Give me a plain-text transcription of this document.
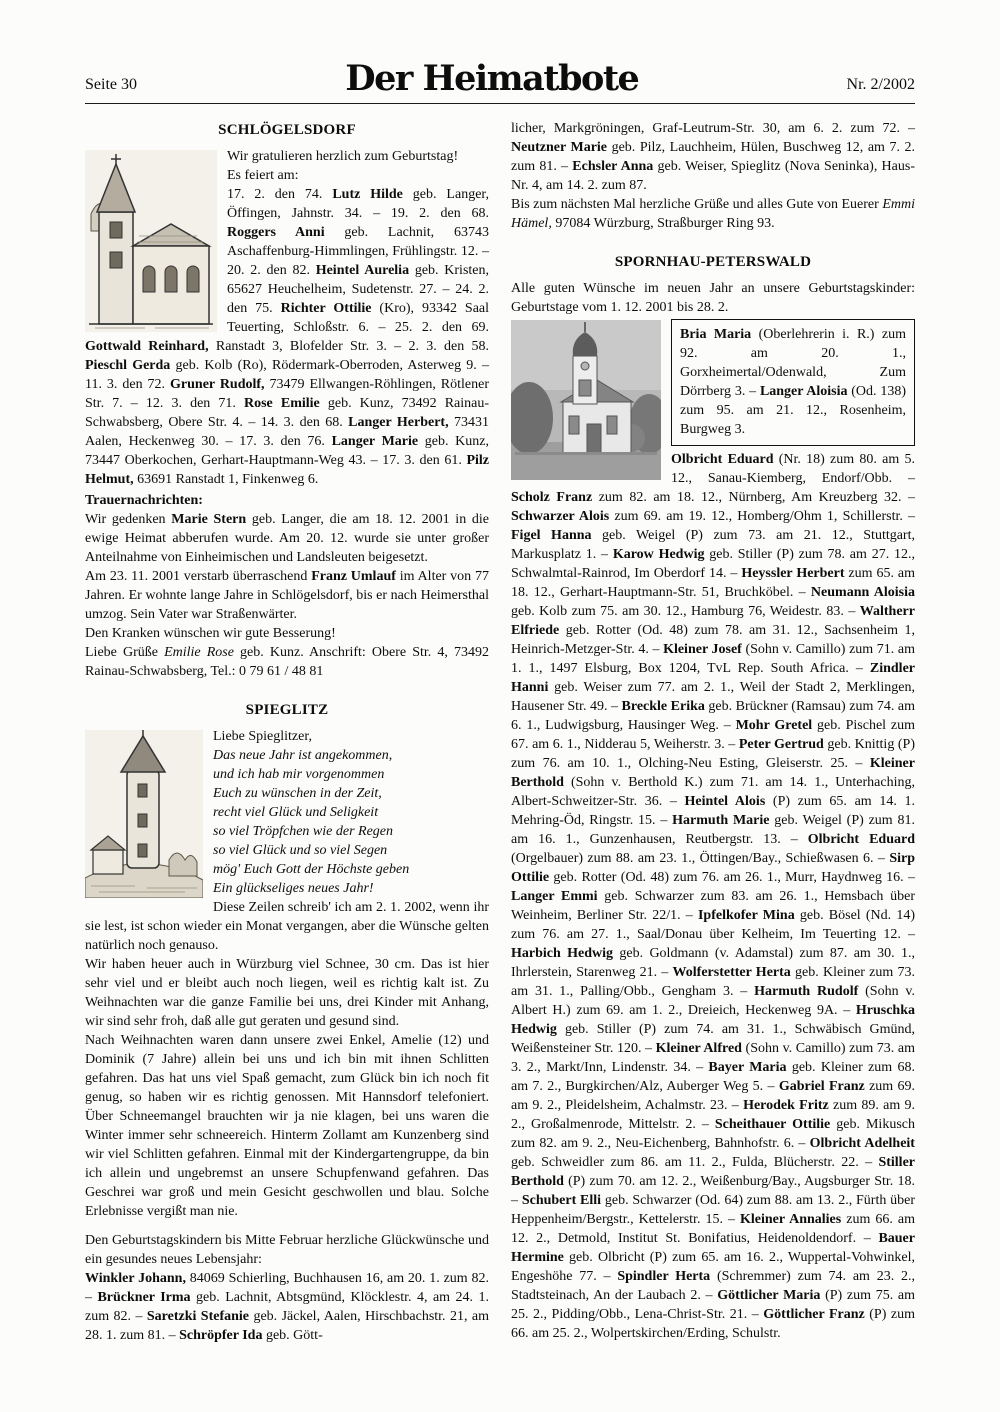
Seite 30	Der Heimatbote	Nr. 2/2002
SCHLÖGELSDORF

Wir gratulieren herzlich zum Geburtstag!

Es feiert am:

17. 2. den 74. Lutz Hilde geb. Langer, Öffingen, Jahnstr. 34. – 19. 2. den 68. Roggers Anni geb. Lachnit, 63743 Aschaffenburg-Himmlingen, Frühlingstr. 12. – 20. 2. den 82. Heintel Aurelia geb. Kristen, 65627 Heuchelheim, Sudetenstr. 27. – 24. 2. den 75. Richter Ottilie (Kro), 93342 Saal Teuerting, Schloßstr. 6. – 25. 2. den 69. Gottwald Reinhard, Ranstadt 3, Blofelder Str. 3. – 2. 3. den 58. Pieschl Gerda geb. Kolb (Ro), Rödermark-Oberroden, Asterweg 9. – 11. 3. den 72. Gruner Rudolf, 73479 Ellwangen-Röhlingen, Rötlener Str. 7. – 12. 3. den 71. Rose Emilie geb. Kunz, 73492 Rainau-Schwabsberg, Obere Str. 4. – 14. 3. den 68. Langer Herbert, 73431 Aalen, Heckenweg 30. – 17. 3. den 76. Langer Marie geb. Kunz, 73447 Oberkochen, Gerhart-Hauptmann-Weg 43. – 17. 3. den 61. Pilz Helmut, 63691 Ranstadt 1, Finkenweg 6.

Trauernachrichten:

Wir gedenken Marie Stern geb. Langer, die am 18. 12. 2001 in die ewige Heimat abberufen wurde. Am 20. 12. wurde sie unter großer Anteilnahme von Einheimischen und Landsleuten beigesetzt.

Am 23. 11. 2001 verstarb überraschend Franz Umlauf im Alter von 77 Jahren. Er wohnte lange Jahre in Schlögelsdorf, bis er nach Heimersthal umzog. Sein Vater war Straßenwärter.

Den Kranken wünschen wir gute Besserung!

Liebe Grüße Emilie Rose geb. Kunz. Anschrift: Obere Str. 4, 73492 Rainau-Schwabsberg, Tel.: 0 79 61 / 48 81

SPIEGLITZ
Liebe Spieglitzer,
Das neue Jahr ist angekommen,
und ich hab mir vorgenommen
Euch zu wünschen in der Zeit,
recht viel Glück und Seligkeit
so viel Tröpfchen wie der Regen
so viel Glück und so viel Segen
mög' Euch Gott der Höchste geben
Ein glückseliges neues Jahr!

Diese Zeilen schreib' ich am 2. 1. 2002, wenn ihr sie lest, ist schon wieder ein Monat vergangen, aber die Wünsche gelten natürlich noch genauso.

Wir haben heuer auch in Würzburg viel Schnee, 30 cm. Das ist hier sehr viel und er bleibt auch noch liegen, weil es richtig kalt ist. Zu Weihnachten war die ganze Familie bei uns, drei Kinder mit Anhang, wir sind sehr froh, daß alle gut geraten und gesund sind.

Nach Weihnachten waren dann unsere zwei Enkel, Amelie (12) und Dominik (7 Jahre) allein bei uns und ich bin mit ihnen Schlitten gefahren. Das hat uns viel Spaß gemacht, zum Glück bin ich noch fit genug, so haben wir es richtig genossen. Mit Hannsdorf telefoniert. Über Schneemangel brauchten wir ja nie klagen, bei uns waren die Winter immer sehr schneereich. Hinterm Zollamt am Kunzenberg sind wir viel Schlitten gefahren. Einmal mit der Kindergartengruppe, da bin ich allein und ungebremst an unsere Schupfenwand gefahren. Das Geschrei war groß und mein Gesicht geschwollen und blau. Solche Erlebnisse vergißt man nie.

Den Geburtstagskindern bis Mitte Februar herzliche Glückwünsche und ein gesundes neues Lebensjahr:

Winkler Johann, 84069 Schierling, Buchhausen 16, am 20. 1. zum 82. – Brückner Irma geb. Lachnit, Abtsgmünd, Klöcklestr. 4, am 24. 1. zum 82. – Saretzki Stefanie geb. Jäckel, Aalen, Hirschbachstr. 21, am 28. 1. zum 81. – Schröpfer Ida geb. Gött-

licher, Markgröningen, Graf-Leutrum-Str. 30, am 6. 2. zum 72. – Neutzner Marie geb. Pilz, Lauchheim, Hülen, Buschweg 12, am 7. 2. zum 81. – Echsler Anna geb. Weiser, Spieglitz (Nova Seninka), Haus-Nr. 4, am 14. 2. zum 87.

Bis zum nächsten Mal herzliche Grüße und alles Gute von Euerer Emmi Hämel, 97084 Würzburg, Straßburger Ring 93.

SPORNHAU-PETERSWALD

Alle guten Wünsche im neuen Jahr an unsere Geburtstagskinder: Geburtstage vom 1. 12. 2001 bis 28. 2.

Bria Maria (Oberlehrerin i. R.) zum 92. am 20. 1., Gorxheimertal/Odenwald, Zum Dörrberg 3. – Langer Aloisia (Od. 138) zum 95. am 21. 12., Rosenheim, Burgweg 3.

Olbricht Eduard (Nr. 18) zum 80. am 5. 12., Sanau-Kiemberg, Endorf/Obb. – Scholz Franz zum 82. am 18. 12., Nürnberg, Am Kreuzberg 32. – Schwarzer Alois zum 69. am 19. 12., Homberg/Ohm 1, Schillerstr. – Figel Hanna geb. Weigel (P) zum 73. am 21. 12., Stuttgart, Markusplatz 1. – Karow Hedwig geb. Stiller (P) zum 78. am 27. 12., Schwalmtal-Rainrod, Im Oberdorf 14. – Heyssler Herbert zum 65. am 18. 12., Gerhart-Hauptmann-Str. 51, Bruchköbel. – Neumann Aloisia geb. Kolb zum 75. am 30. 12., Hamburg 76, Weidestr. 83. – Waltherr Elfriede geb. Rotter (Od. 48) zum 78. am 31. 12., Sachsenheim 1, Heinrich-Metzger-Str. 4. – Kleiner Josef (Sohn v. Camillo) zum 71. am 1. 1., 1497 Elsburg, Box 1204, TvL Rep. South Africa. – Zindler Hanni geb. Weiser zum 77. am 2. 1., Weil der Stadt 2, Merklingen, Hausener Str. 49. – Breckle Erika geb. Brückner (Ramsau) zum 74. am 6. 1., Ludwigsburg, Hausinger Weg. – Mohr Gretel geb. Pischel zum 67. am 6. 1., Nidderau 5, Weiherstr. 3. – Peter Gertrud geb. Knittig (P) zum 76. am 10. 1., Olching-Neu Esting, Gleiserstr. 25. – Kleiner Berthold (Sohn v. Berthold K.) zum 71. am 14. 1., Unterhaching, Albert-Schweitzer-Str. 36. – Heintel Alois (P) zum 65. am 14. 1. Mehring-Öd, Ringstr. 15. – Harmuth Marie geb. Weigel (P) zum 81. am 16. 1., Gunzenhausen, Reutbergstr. 13. – Olbricht Eduard (Orgelbauer) zum 88. am 23. 1., Öttingen/Bay., Schießwasen 6. – Sirp Ottilie geb. Rotter (Od. 48) zum 76. am 26. 1., Murr, Haydnweg 16. – Langer Emmi geb. Schwarzer zum 83. am 26. 1., Hemsbach über Weinheim, Berliner Str. 22/1. – Ipfelkofer Mina geb. Bösel (Nd. 14) zum 76. am 27. 1., Saal/Donau über Kelheim, Im Teuerting 12. – Harbich Hedwig geb. Goldmann (v. Adamstal) zum 87. am 30. 1., Ihrlerstein, Starenweg 21. – Wolferstetter Herta geb. Kleiner zum 73. am 31. 1., Palling/Obb., Gengham 3. – Harmuth Rudolf (Sohn v. Albert H.) zum 69. am 1. 2., Dreieich, Heckenweg 9A. – Hruschka Hedwig geb. Stiller (P) zum 74. am 31. 1., Schwäbisch Gmünd, Weißensteiner Str. 120. – Kleiner Alfred (Sohn v. Camillo) zum 73. am 3. 2., Markt/Inn, Lindenstr. 34. – Bayer Maria geb. Kleiner zum 68. am 7. 2., Burgkirchen/Alz, Auberger Weg 5. – Gabriel Franz zum 69. am 9. 2., Pleidelsheim, Achalmstr. 23. – Herodek Fritz zum 89. am 9. 2., Großalmenrode, Mittelstr. 2. – Scheithauer Ottilie geb. Mikusch zum 82. am 9. 2., Neu-Eichenberg, Bahnhofstr. 6. – Olbricht Adelheit geb. Schweidler zum 86. am 11. 2., Fulda, Blücherstr. 22. – Stiller Berthold (P) zum 70. am 12. 2., Weißenburg/Bay., Augsburger Str. 18. – Schubert Elli geb. Schwarzer (Od. 64) zum 88. am 13. 2., Fürth über Heppenheim/Bergstr., Kettelerstr. 15. – Kleiner Annalies zum 66. am 12. 2., Detmold, Institut St. Bonifatius, Heidenoldendorf. – Bauer Hermine geb. Olbricht (P) zum 65. am 16. 2., Wuppertal-Vohwinkel, Engeshöhe 77. – Spindler Herta (Schremmer) zum 74. am 23. 2., Stadtsteinach, An der Laubach 2. – Göttlicher Maria (P) zum 75. am 25. 2., Pidding/Obb., Lena-Christ-Str. 21. – Göttlicher Franz (P) zum 66. am 25. 2., Wolpertskirchen/Erding, Schulstr.
